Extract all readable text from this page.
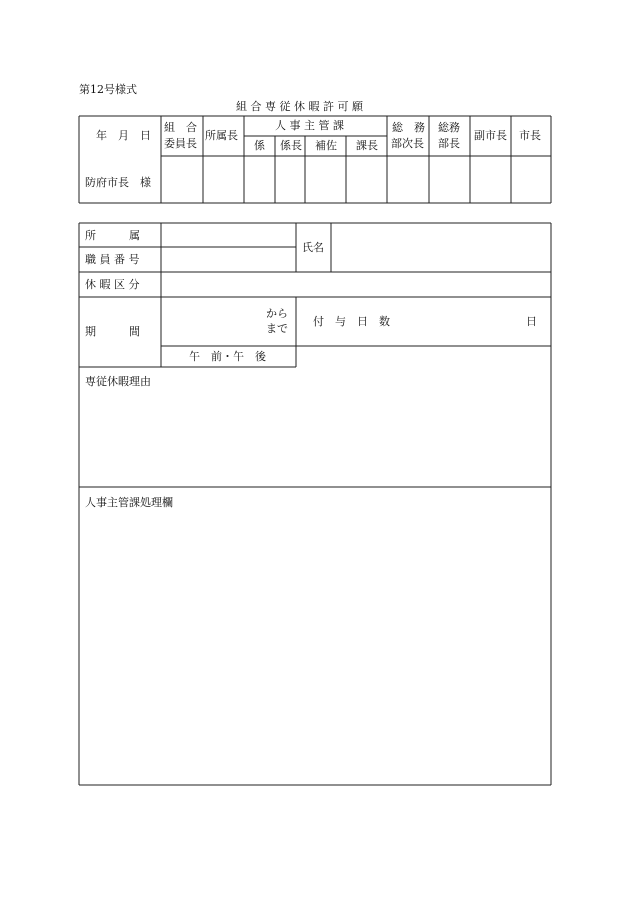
第12号様式
組 合 専 従 休 暇 許 可 願
年　月　日
防府市長　様
組　合
委員長
所属長
人 事 主 管 課
係 係長 補佐 課長
総　務
部次長
総務
部長
副市長 市長
所　　　属
氏名
職 員 番 号
休 暇 区 分
期　　　間
から
まで
付　与　日　数	日
午　前・午　後
専従休暇理由
人事主管課処理欄
